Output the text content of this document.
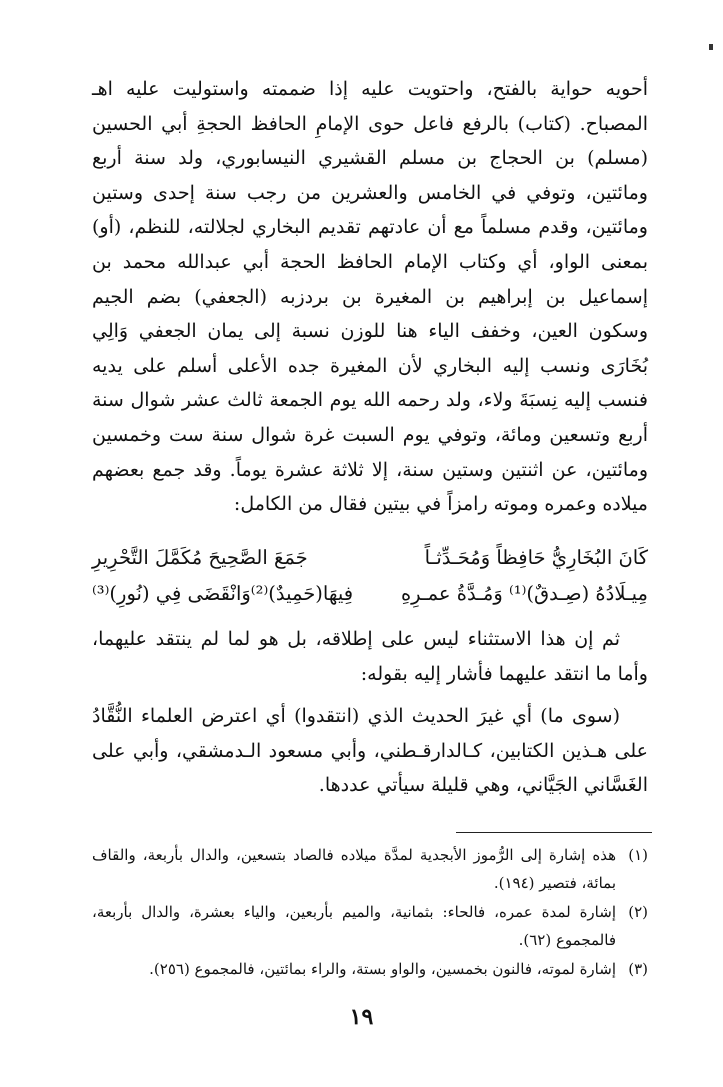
أحويه حواية بالفتح، واحتويت عليه إذا ضممته واستوليت عليه اهـ المصباح. (كتاب) بالرفع فاعل حوى الإمامِ الحافظ الحجةِ أبي الحسين (مسلم) بن الحجاج بن مسلم القشيري النيسابوري، ولد سنة أربع ومائتين، وتوفي في الخامس والعشرين من رجب سنة إحدى وستين ومائتين، وقدم مسلماً مع أن عادتهم تقديم البخاري لجلالته، للنظم، (أو) بمعنى الواو، أي وكتاب الإمام الحافظ الحجة أبي عبدالله محمد بن إسماعيل بن إبراهيم بن المغيرة بن بردزبه (الجعفي) بضم الجيم وسكون العين، وخفف الياء هنا للوزن نسبة إلى يمان الجعفي وَالِي بُخَارَى ونسب إليه البخاري لأن المغيرة جده الأعلى أسلم على يديه فنسب إليه نِسبَةَ ولاء، ولد رحمه الله يوم الجمعة ثالث عشر شوال سنة أربع وتسعين ومائة، وتوفي يوم السبت غرة شوال سنة ست وخمسين ومائتين، عن اثنتين وستين سنة، إلا ثلاثة عشرة يوماً. وقد جمع بعضهم ميلاده وعمره وموته رامزاً في بيتين فقال من الكامل:

كَانَ البُخَارِيُّ حَافِظاً وَمُحَـدِّثـاً
جَمَعَ الصَّحِيحَ مُكَمَّلَ التَّحْرِيرِ
مِيـلَادُهُ (صِـدقٌ)⁽¹⁾ وَمُـدَّةُ عمـرِهِ
فِيهَا(حَمِيدٌ)⁽²⁾وَانْقَضَى فِي (نُورِ)⁽³⁾

ثم إن هذا الاستثناء ليس على إطلاقه، بل هو لما لم ينتقد عليهما، وأما ما انتقد عليهما فأشار إليه بقوله:

(سوى ما) أي غيرَ الحديث الذي (انتقدوا) أي اعترض العلماء النُّقَّادُ على هـذين الكتابين، كـالدارقـطني، وأبي مسعود الـدمشقي، وأبي على الغَسَّاني الجَيَّاني، وهي قليلة سيأتي عددها.

(١)
هذه إشارة إلى الرُّموز الأبجدية لمدَّة ميلاده فالصاد بتسعين، والدال بأربعة، والقاف بمائة، فتصير (١٩٤).
(٢)
إشارة لمدة عمره، فالحاء: بثمانية، والميم بأربعين، والياء بعشرة، والدال بأربعة، فالمجموع (٦٢).
(٣)
إشارة لموته، فالنون بخمسين، والواو بستة، والراء بمائتين، فالمجموع (٢٥٦).
١٩
